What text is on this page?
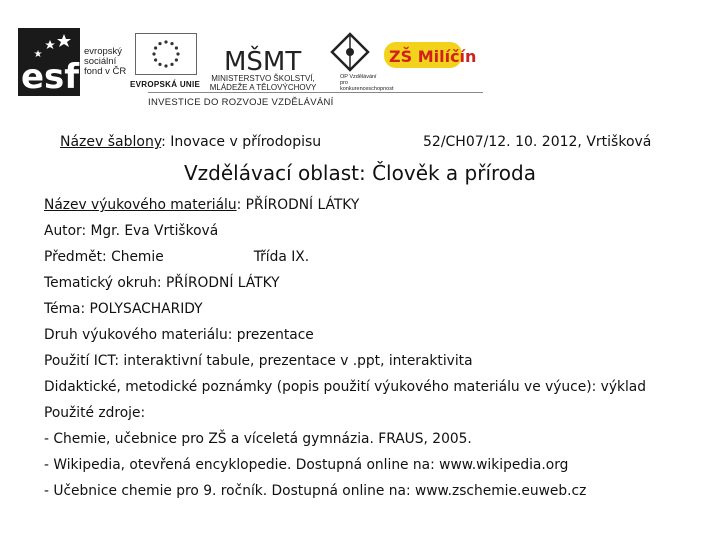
esf
evropský
sociální
fond v ČR
EVROPSKÁ UNIE
MŠMT
MINISTERSTVO ŠKOLSTVÍ,
MLÁDEŽE A TĚLOVÝCHOVY
OP Vzdělávání
pro konkurenceschopnost
ZŠ Milíčín
INVESTICE DO ROZVOJE VZDĚLÁVÁNÍ
Název šablony: Inovace v přírodopisu	52/CH07/12. 10. 2012, Vrtišková
Vzdělávací oblast: Člověk a příroda
Název výukového materiálu: PŘÍRODNÍ LÁTKY
Autor: Mgr. Eva Vrtišková
Předmět: Chemie	Třída IX.
Tematický okruh: PŘÍRODNÍ LÁTKY
Téma: POLYSACHARIDY
Druh výukového materiálu: prezentace
Použití ICT: interaktivní tabule, prezentace v .ppt, interaktivita
Didaktické, metodické poznámky (popis použití výukového materiálu ve výuce): výklad
Použité zdroje:
- Chemie, učebnice pro ZŠ a víceletá gymnázia. FRAUS, 2005.
- Wikipedia, otevřená encyklopedie. Dostupná online na: www.wikipedia.org
- Učebnice chemie pro 9. ročník. Dostupná online na: www.zschemie.euweb.cz
